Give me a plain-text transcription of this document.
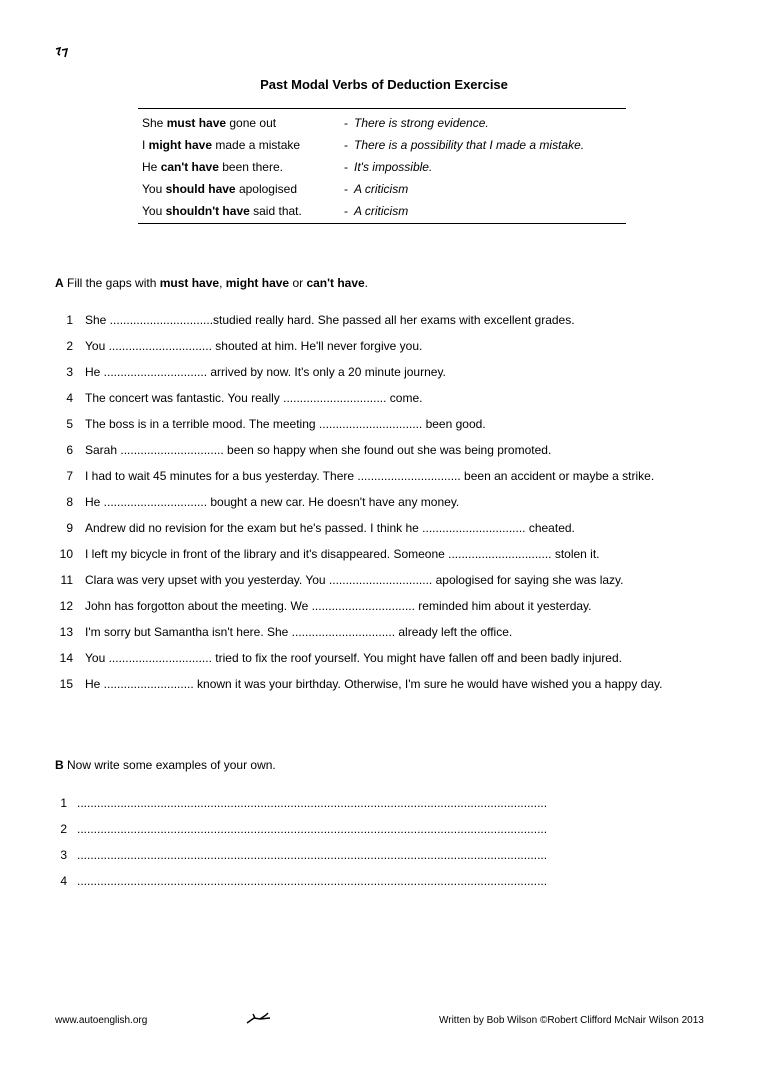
Past Modal Verbs of Deduction Exercise
She must have gone out	- There is strong evidence.
I might have made a mistake	- There is a possibility that I made a mistake.
He can't have been there.	- It's impossible.
You should have apologised	- A criticism
You shouldn't have said that.	- A criticism
A Fill the gaps with must have, might have or can't have.
1 She ...............................studied really hard. She passed all her exams with excellent grades.
2 You ............................... shouted at him. He'll never forgive you.
3 He ............................... arrived by now. It's only a 20 minute journey.
4 The concert was fantastic. You really ............................... come.
5 The boss is in a terrible mood. The meeting ............................... been good.
6 Sarah ............................... been so happy when she found out she was being promoted.
7 I had to wait 45 minutes for a bus yesterday. There ............................... been an accident or maybe a strike.
8 He ............................... bought a new car. He doesn't have any money.
9 Andrew did no revision for the exam but he's passed. I think he ............................... cheated.
10 I left my bicycle in front of the library and it's disappeared. Someone ............................... stolen it.
11 Clara was very upset with you yesterday. You ............................... apologised for saying she was lazy.
12 John has forgotton about the meeting. We ............................... reminded him about it yesterday.
13 I'm sorry but Samantha isn't here. She ............................... already left the office.
14 You ............................... tried to fix the roof yourself. You might have fallen off and been badly injured.
15 He ........................... known it was your birthday. Otherwise, I'm sure he would have wished you a happy day.
B Now write some examples of your own.
1 .............................................................................................................................................
2 .............................................................................................................................................
3 .............................................................................................................................................
4 .............................................................................................................................................
www.autoenglish.org	Written by Bob Wilson ©Robert Clifford McNair Wilson 2013
